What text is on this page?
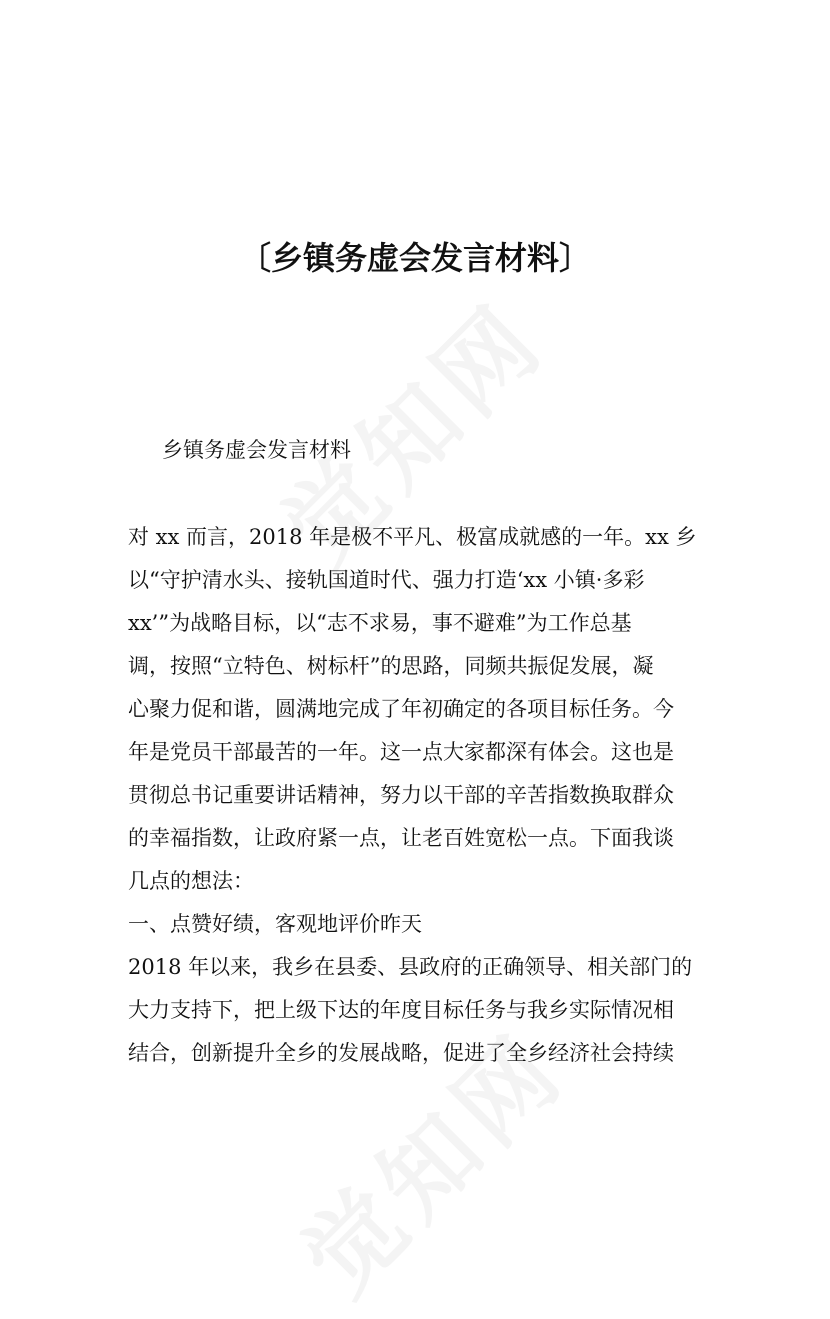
〔乡镇务虚会发言材料〕
乡镇务虚会发言材料
对 xx 而言，2018 年是极不平凡、极富成就感的一年。xx 乡
以“守护清水头、接轨国道时代、强力打造‘xx 小镇·多彩
xx’”为战略目标，以“志不求易，事不避难”为工作总基
调，按照“立特色、树标杆”的思路，同频共振促发展，凝
心聚力促和谐，圆满地完成了年初确定的各项目标任务。今
年是党员干部最苦的一年。这一点大家都深有体会。这也是
贯彻总书记重要讲话精神，努力以干部的辛苦指数换取群众
的幸福指数，让政府紧一点，让老百姓宽松一点。下面我谈
几点的想法：
一、点赞好绩，客观地评价昨天
2018 年以来，我乡在县委、县政府的正确领导、相关部门的
大力支持下，把上级下达的年度目标任务与我乡实际情况相
结合，创新提升全乡的发展战略，促进了全乡经济社会持续
